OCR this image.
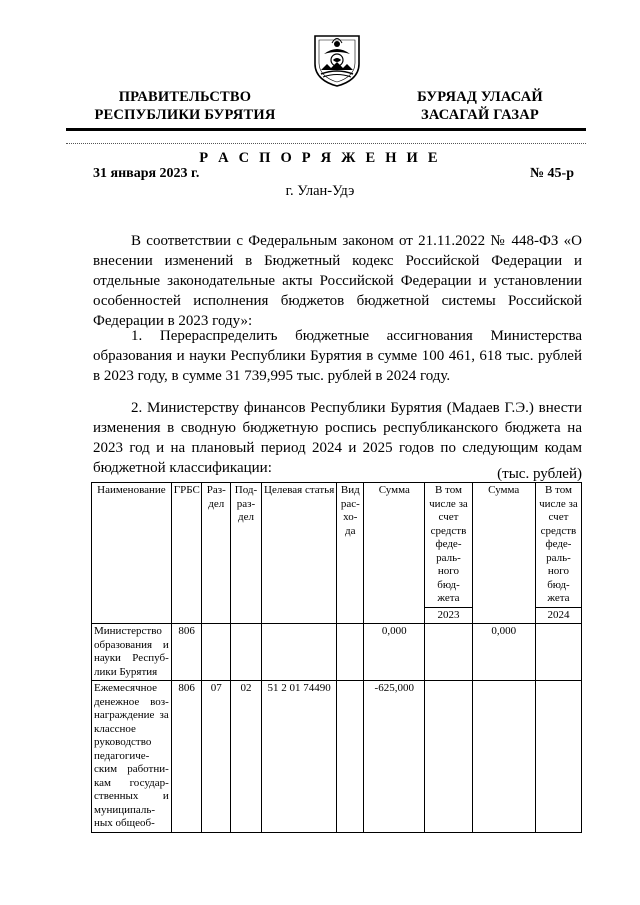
ПРАВИТЕЛЬСТВО
РЕСПУБЛИКИ БУРЯТИЯ
БУРЯАД УЛАСАЙ
ЗАСАГАЙ ГАЗАР
Р А С П О Р Я Ж Е Н И Е
31 января 2023 г.	№ 45-р
г. Улан-Удэ

В соответствии с Федеральным законом от 21.11.2022 № 448-ФЗ «О внесении изменений в Бюджетный кодекс Российской Федерации и отдельные законодательные акты Российской Федерации и установлении особенностей исполнения бюджетов бюджетной системы Российской Федерации в 2023 году»:

1. Перераспределить бюджетные ассигнования Министерства образования и науки Республики Бурятия в сумме 100 461, 618 тыс. рублей в 2023 году, в сумме 31 739,995 тыс. рублей в 2024 году.

2. Министерству финансов Республики Бурятия (Мадаев Г.Э.) внести изменения в сводную бюджетную роспись республиканского бюджета на 2023 год и на плановый период 2024 и 2025 годов по следующим кодам бюджетной классификации:	(тыс. рублей)
Наименование	ГРБС	Раз-дел	Под-раз-дел	Целевая статья	Вид рас-хо-да	Сумма	В том числе за счет средств феде-раль-ного бюд-жета	Сумма	В том числе за счет средств феде-раль-ного бюд-жета
							2023		2024
Министерство образования и науки Респуб-лики Бурятия	806					0,000		0,000	
Ежемесячное денежное воз-награждение за классное руководство педагогиче-ским работни-кам государ-ственных и муниципаль-ных общеоб-	806	07	02	51 2 01 74490		-625,000			
